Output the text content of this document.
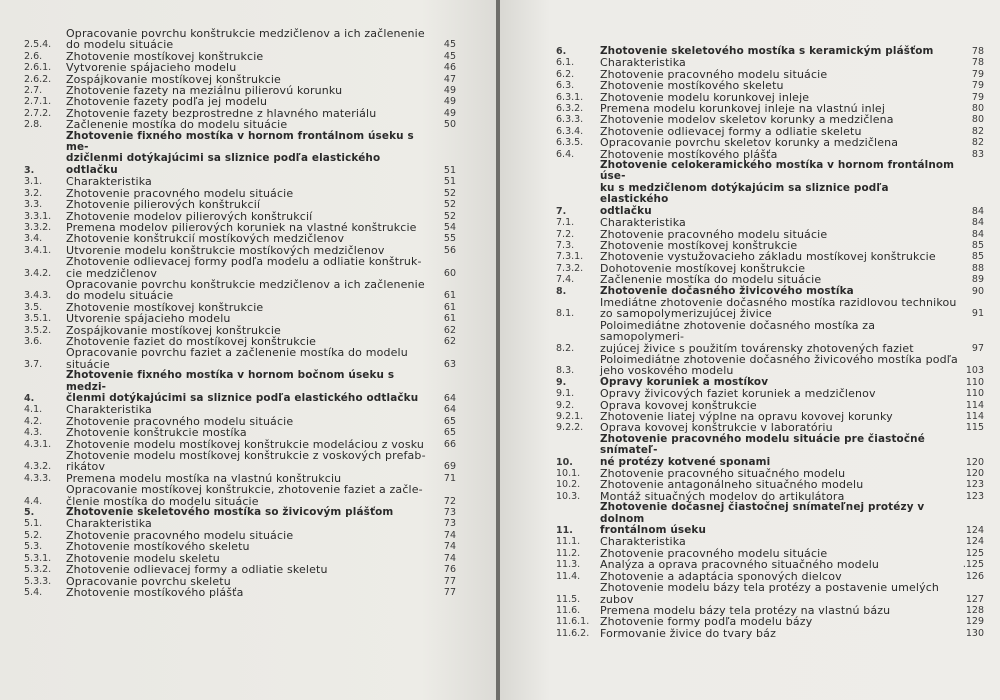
2.5.4.
Opracovanie povrchu konštrukcie medzičlenov a ich začlenenie
do modelu situácie	45
2.6.	Zhotovenie mostíkovej konštrukcie	45
2.6.1.	Vytvorenie spájacieho modelu	46
2.6.2.	Zospájkovanie mostíkovej konštrukcie	47
2.7.	Zhotovenie fazety na meziálnu pilierovú korunku	49
2.7.1.	Zhotovenie fazety podľa jej modelu	49
2.7.2.	Zhotovenie fazety bezprostredne z hlavného materiálu	49
2.8.	Začlenenie mostíka do modelu situácie	50
3.
Zhotovenie fixného mostíka v hornom frontálnom úseku s me-
dzičlenmi dotýkajúcimi sa sliznice podľa elastického odtlačku	51
3.1.	Charakteristika	51
3.2.	Zhotovenie pracovného modelu situácie	52
3.3.	Zhotovenie pilierových konštrukcií	52
3.3.1.	Zhotovenie modelov pilierových konštrukcií	52
3.3.2.	Premena modelov pilierových koruniek na vlastné konštrukcie	54
3.4.	Zhotovenie konštrukcií mostíkových medzičlenov	55
3.4.1.	Utvorenie modelu konštrukcie mostíkových medzičlenov	56
3.4.2.
Zhotovenie odlievacej formy podľa modelu a odliatie konštruk-
cie medzičlenov	60
3.4.3.
Opracovanie povrchu konštrukcie medzičlenov a ich začlenenie
do modelu situácie	61
3.5.	Zhotovenie mostíkovej konštrukcie	61
3.5.1.	Utvorenie spájacieho modelu	61
3.5.2.	Zospájkovanie mostíkovej konštrukcie	62
3.6.	Zhotovenie faziet do mostíkovej konštrukcie	62
3.7.
Opracovanie povrchu faziet a začlenenie mostíka do modelu
situácie	63
4.
Zhotovenie fixného mostíka v hornom bočnom úseku s medzi-
členmi dotýkajúcimi sa sliznice podľa elastického odtlačku	64
4.1.	Charakteristika	64
4.2.	Zhotovenie pracovného modelu situácie	65
4.3.	Zhotovenie konštrukcie mostíka	65
4.3.1.	Zhotovenie modelu mostíkovej konštrukcie modeláciou z vosku	66
4.3.2.
Zhotovenie modelu mostíkovej konštrukcie z voskových prefab-
rikátov	69
4.3.3.	Premena modelu mostíka na vlastnú konštrukciu	71
4.4.
Opracovanie mostíkovej konštrukcie, zhotovenie faziet a začle-
členie mostíka do modelu situácie	72
5.	Zhotovenie skeletového mostíka so živicovým plášťom	73
5.1.	Charakteristika	73
5.2.	Zhotovenie pracovného modelu situácie	74
5.3.	Zhotovenie mostíkového skeletu	74
5.3.1.	Zhotovenie modelu skeletu	74
5.3.2.	Zhotovenie odlievacej formy a odliatie skeletu	76
5.3.3.	Opracovanie povrchu skeletu	77
5.4.	Zhotovenie mostíkového plášťa	77
6.	Zhotovenie skeletového mostíka s keramickým plášťom	78
6.1.	Charakteristika	78
6.2.	Zhotovenie pracovného modelu situácie	79
6.3.	Zhotovenie mostíkového skeletu	79
6.3.1.	Zhotovenie modelu korunkovej inleje	79
6.3.2.	Premena modelu korunkovej inleje na vlastnú inlej	80
6.3.3.	Zhotovenie modelov skeletov korunky a medzičlena	80
6.3.4.	Zhotovenie odlievacej formy a odliatie skeletu	82
6.3.5.	Opracovanie povrchu skeletov korunky a medzičlena	82
6.4.	Zhotovenie mostíkového plášťa	83
7.
Zhotovenie celokeramického mostíka v hornom frontálnom úse-
ku s medzičlenom dotýkajúcim sa sliznice podľa elastického
odtlačku	84
7.1.	Charakteristika	84
7.2.	Zhotovenie pracovného modelu situácie	84
7.3.	Zhotovenie mostíkovej konštrukcie	85
7.3.1.	Zhotovenie vystužovacieho základu mostíkovej konštrukcie	85
7.3.2.	Dohotovenie mostíkovej konštrukcie	88
7.4.	Začlenenie mostíka do modelu situácie	89
8.	Zhotovenie dočasného živicového mostíka	90
8.1.
Imediátne zhotovenie dočasného mostíka razidlovou technikou
zo samopolymerizujúcej živice	91
8.2.
Poloimediátne zhotovenie dočasného mostíka za samopolymeri-
zujúcej živice s použitím továrensky zhotovených faziet	97
8.3.
Poloimediátne zhotovenie dočasného živicového mostíka podľa
jeho voskového modelu	103
9.	Opravy koruniek a mostíkov	110
9.1.	Opravy živicových faziet koruniek a medzičlenov	110
9.2.	Oprava kovovej konštrukcie	114
9.2.1.	Zhotovenie liatej výplne na opravu kovovej korunky	114
9.2.2.	Oprava kovovej konštrukcie v laboratóriu	115
10.
Zhotovenie pracovného modelu situácie pre čiastočné snímateľ-
né protézy kotvené sponami	120
10.1.	Zhotovenie pracovného situačného modelu	120
10.2.	Zhotovenie antagonálneho situačného modelu	123
10.3.	Montáž situačných modelov do artikulátora	123
11.
Zhotovenie dočasnej čiastočnej snímateľnej protézy v dolnom
frontálnom úseku	124
11.1.	Charakteristika	124
11.2.	Zhotovenie pracovného modelu situácie	125
11.3.	Analýza a oprava pracovného situačného modelu	.125
11.4.	Zhotovenie a adaptácia sponových dielcov	126
11.5.
Zhotovenie modelu bázy tela protézy a postavenie umelých
zubov	127
11.6.	Premena modelu bázy tela protézy na vlastnú bázu	128
11.6.1. Zhotovenie formy podľa modelu bázy	129
11.6.2. Formovanie živice do tvary báz	130
